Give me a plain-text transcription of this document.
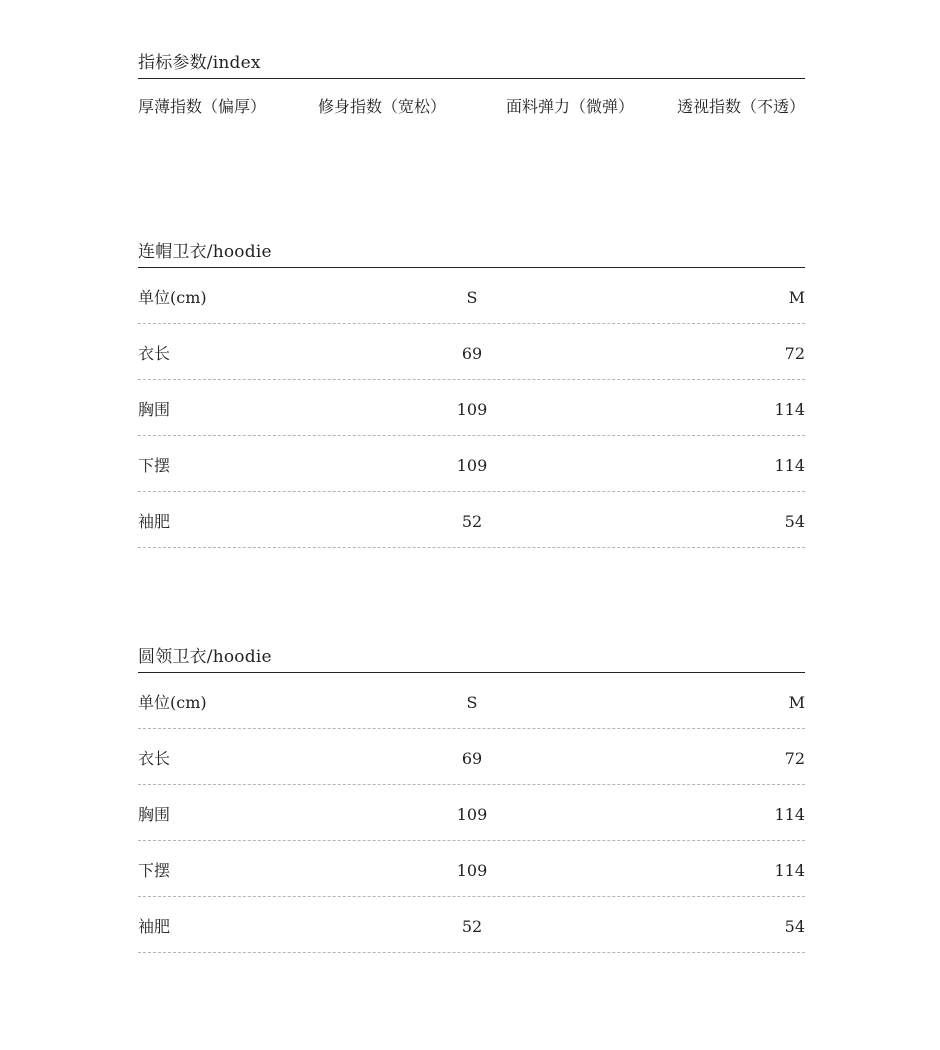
指标参数/index
厚薄指数（偏厚）	修身指数（宽松）	面料弹力（微弹）	透视指数（不透）
连帽卫衣/hoodie
单位(cm)	S	M
衣长	69	72
胸围	109	114
下摆	109	114
袖肥	52	54
圆领卫衣/hoodie
单位(cm)	S	M
衣长	69	72
胸围	109	114
下摆	109	114
袖肥	52	54
